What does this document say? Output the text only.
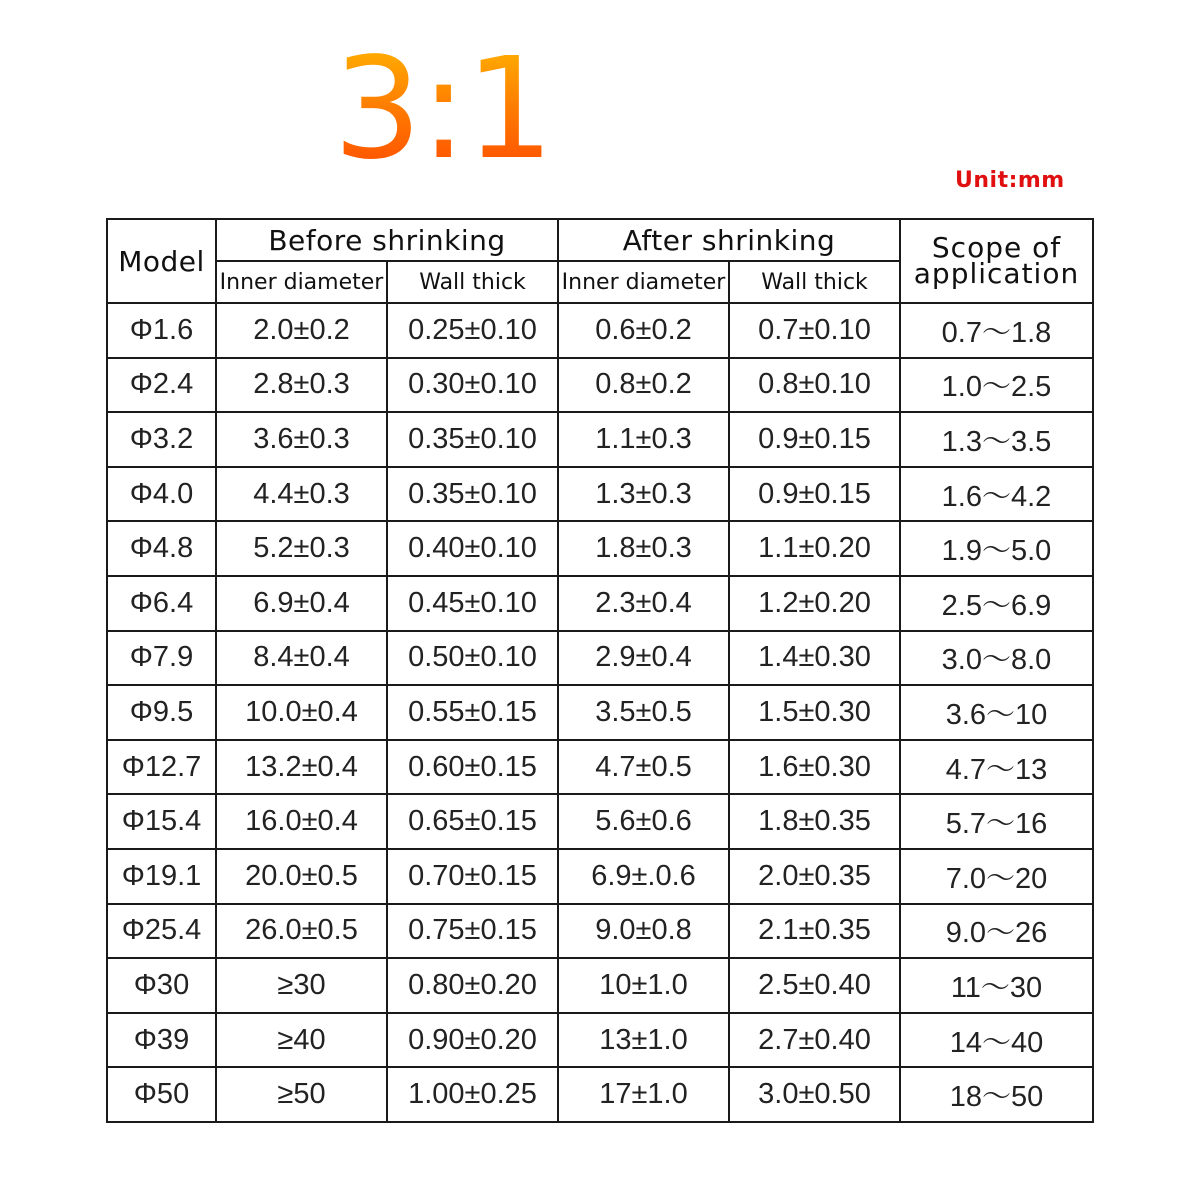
3:1	Unit:mm
Model	Before shrinking		After shrinking		Scope of
application
	Inner diameter	Wall thick	Inner diameter	Wall thick	
Φ1.6	2.0±0.2	0.25±0.10	0.6±0.2	0.7±0.10	0.7～1.8
Φ2.4	2.8±0.3	0.30±0.10	0.8±0.2	0.8±0.10	1.0～2.5
Φ3.2	3.6±0.3	0.35±0.10	1.1±0.3	0.9±0.15	1.3～3.5
Φ4.0	4.4±0.3	0.35±0.10	1.3±0.3	0.9±0.15	1.6～4.2
Φ4.8	5.2±0.3	0.40±0.10	1.8±0.3	1.1±0.20	1.9～5.0
Φ6.4	6.9±0.4	0.45±0.10	2.3±0.4	1.2±0.20	2.5～6.9
Φ7.9	8.4±0.4	0.50±0.10	2.9±0.4	1.4±0.30	3.0～8.0
Φ9.5	10.0±0.4	0.55±0.15	3.5±0.5	1.5±0.30	3.6～10
Φ12.7	13.2±0.4	0.60±0.15	4.7±0.5	1.6±0.30	4.7～13
Φ15.4	16.0±0.4	0.65±0.15	5.6±0.6	1.8±0.35	5.7～16
Φ19.1	20.0±0.5	0.70±0.15	6.9±.0.6	2.0±0.35	7.0～20
Φ25.4	26.0±0.5	0.75±0.15	9.0±0.8	2.1±0.35	9.0～26
Φ30	≥30	0.80±0.20	10±1.0	2.5±0.40	11～30
Φ39	≥40	0.90±0.20	13±1.0	2.7±0.40	14～40
Φ50	≥50	1.00±0.25	17±1.0	3.0±0.50	18～50
